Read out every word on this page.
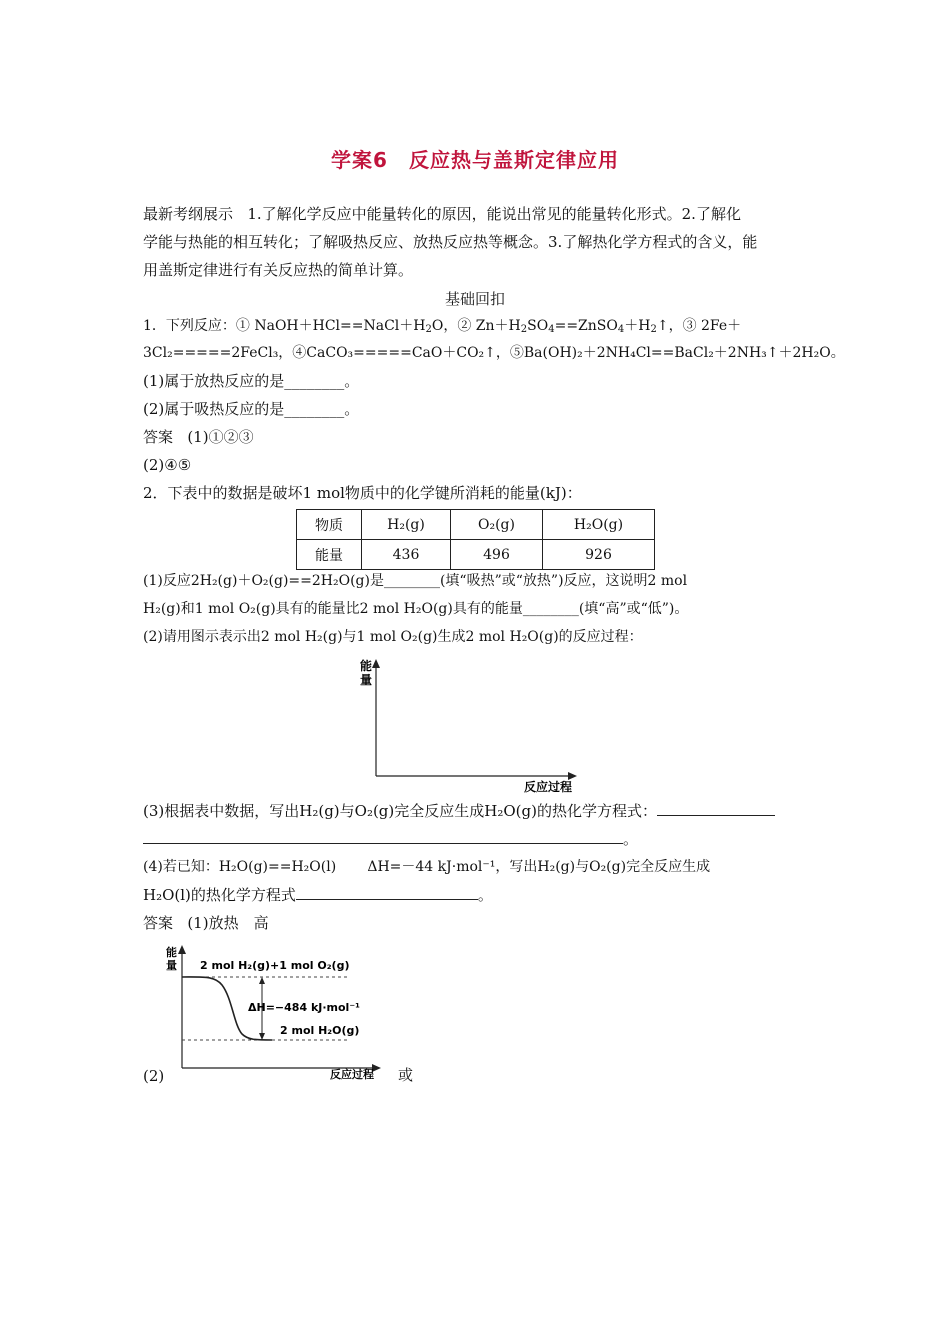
学案6　反应热与盖斯定律应用
最新考纲展示 1.了解化学反应中能量转化的原因，能说出常见的能量转化形式。2.了解化
学能与热能的相互转化；了解吸热反应、放热反应热等概念。3.了解热化学方程式的含义，能
用盖斯定律进行有关反应热的简单计算。
基础回扣
1．下列反应：① $NaOH+HCl==NaCl+H_2O$，② $Zn+H_2SO_4==ZnSO_4+H_2↑$，③ 2Fe＋
3Cl₂=====2FeCl₃，④CaCO₃=====CaO＋CO₂↑，⑤Ba(OH)₂＋2NH₄Cl==BaCl₂＋2NH₃↑＋2H₂O。
(1)属于放热反应的是________。
(2)属于吸热反应的是________。
答案 (1)①②③
(2)④⑤
2．下表中的数据是破坏1 mol物质中的化学键所消耗的能量(kJ)：
物质	H₂(g)	O₂(g)	H₂O(g)
能量	436	496	926
(1)反应2H₂(g)＋O₂(g)==2H₂O(g)是________(填“吸热”或“放热”)反应，这说明2 mol
H₂(g)和1 mol O₂(g)具有的能量比2 mol H₂O(g)具有的能量________(填“高”或“低”)。
(2)请用图示表示出2 mol H₂(g)与1 mol O₂(g)生成2 mol H₂O(g)的反应过程：
能
量
反应过程
(3)根据表中数据，写出H₂(g)与O₂(g)完全反应生成H₂O(g)的热化学方程式：
。
(4)若已知：H₂O(g)==H₂O(l) ΔH=－44 kJ·mol⁻¹，写出H₂(g)与O₂(g)完全反应生成
H₂O(l)的热化学方程式	。
答案 (1)放热　高
能
量 2 mol H₂(g)+1 mol O₂(g)
ΔH=−484 kJ·mol⁻¹
2 mol H₂O(g)
反应过程
(2)	或
